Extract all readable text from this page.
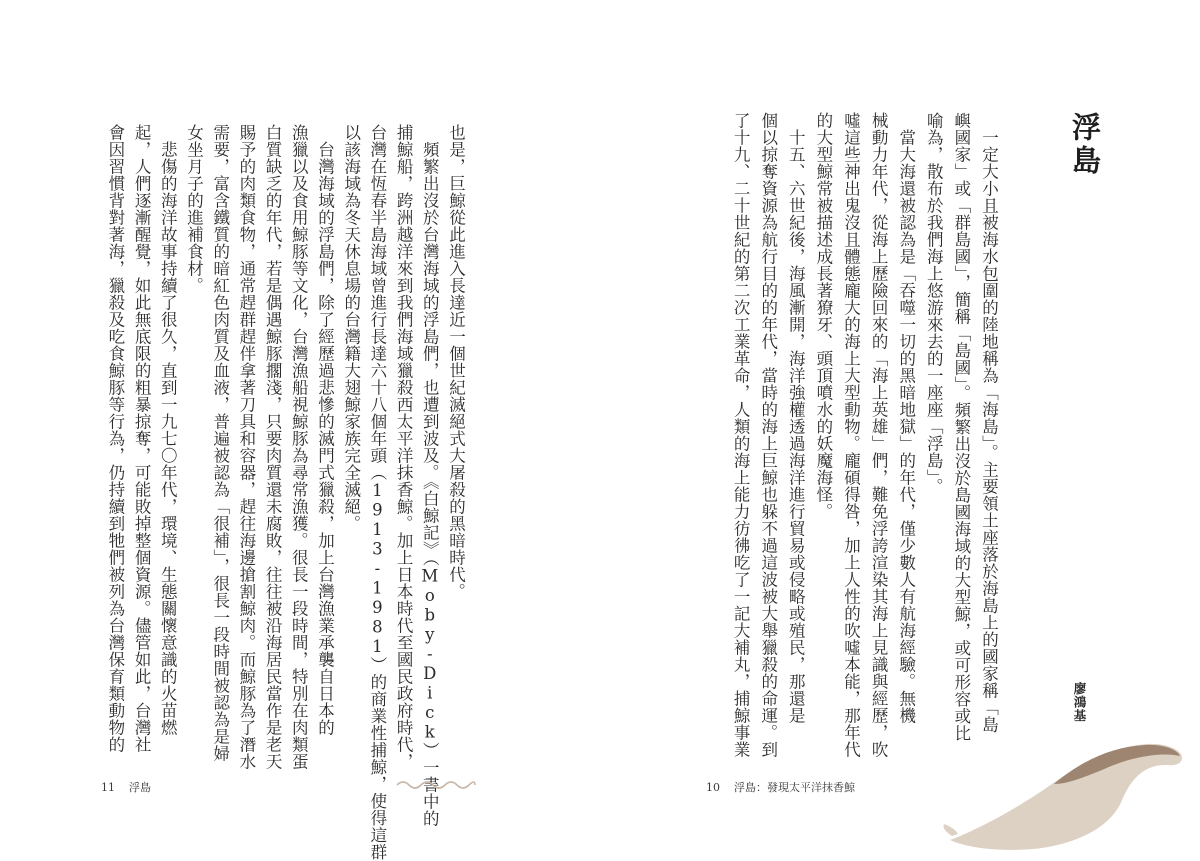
也是，巨鯨從此進入長達近一個世紀滅絕式大屠殺的黑暗時代。
　頻繁出沒於台灣海域的浮島們，也遭到波及。《白鯨記》（Moby-Dick）一書中的
捕鯨船，跨洲越洋來到我們海域獵殺西太平洋抹香鯨。加上日本時代至國民政府時代，
台灣在恆春半島海域曾進行長達六十八個年頭（1913-1981）的商業性捕鯨，使得這群
以該海域為冬天休息場的台灣籍大翅鯨家族完全滅絕。
　台灣海域的浮島們，除了經歷過悲慘的滅門式獵殺，加上台灣漁業承襲自日本的
漁獵以及食用鯨豚等文化，台灣漁船視鯨豚為尋常漁獲。很長一段時間，特別在肉類蛋
白質缺乏的年代，若是偶遇鯨豚擱淺，只要肉質還未腐敗，往往被沿海居民當作是老天
賜予的肉類食物，通常趕群趕伴拿著刀具和容器，趕往海邊搶割鯨肉。而鯨豚為了潛水
需要，富含鐵質的暗紅色肉質及血液，普遍被認為「很補」，很長一段時間被認為是婦
女坐月子的進補食材。
　悲傷的海洋故事持續了很久，直到一九七〇年代，環境、生態關懷意識的火苗燃
起，人們逐漸醒覺，如此無底限的粗暴掠奪，可能敗掉整個資源。儘管如此，台灣社
會因習慣背對著海，獵殺及吃食鯨豚等行為，仍持續到牠們被列為台灣保育類動物的
11 浮島
浮島
　一定大小且被海水包圍的陸地稱為「海島」。主要領土座落於海島上的國家稱「島
嶼國家」或「群島國」，簡稱「島國」。頻繁出沒於島國海域的大型鯨，或可形容或比
喻為，散布於我們海上悠游來去的一座座「浮島」。
　當大海還被認為是「吞噬一切的黑暗地獄」的年代，僅少數人有航海經驗。無機
械動力年代，從海上歷險回來的「海上英雄」們，難免浮誇渲染其海上見識與經歷，吹
噓這些神出鬼沒且體態龐大的海上大型動物。龐碩得咎，加上人性的吹噓本能，那年代
的大型鯨常被描述成長著獠牙、頭頂噴水的妖魔海怪。
　十五、六世紀後，海風漸開，海洋強權透過海洋進行貿易或侵略或殖民，那還是
個以掠奪資源為航行目的的年代，當時的海上巨鯨也躲不過這波被大舉獵殺的命運。到
了十九、二十世紀的第二次工業革命，人類的海上能力彷彿吃了一記大補丸，捕鯨事業	廖鴻基
10 浮島：發現太平洋抹香鯨
